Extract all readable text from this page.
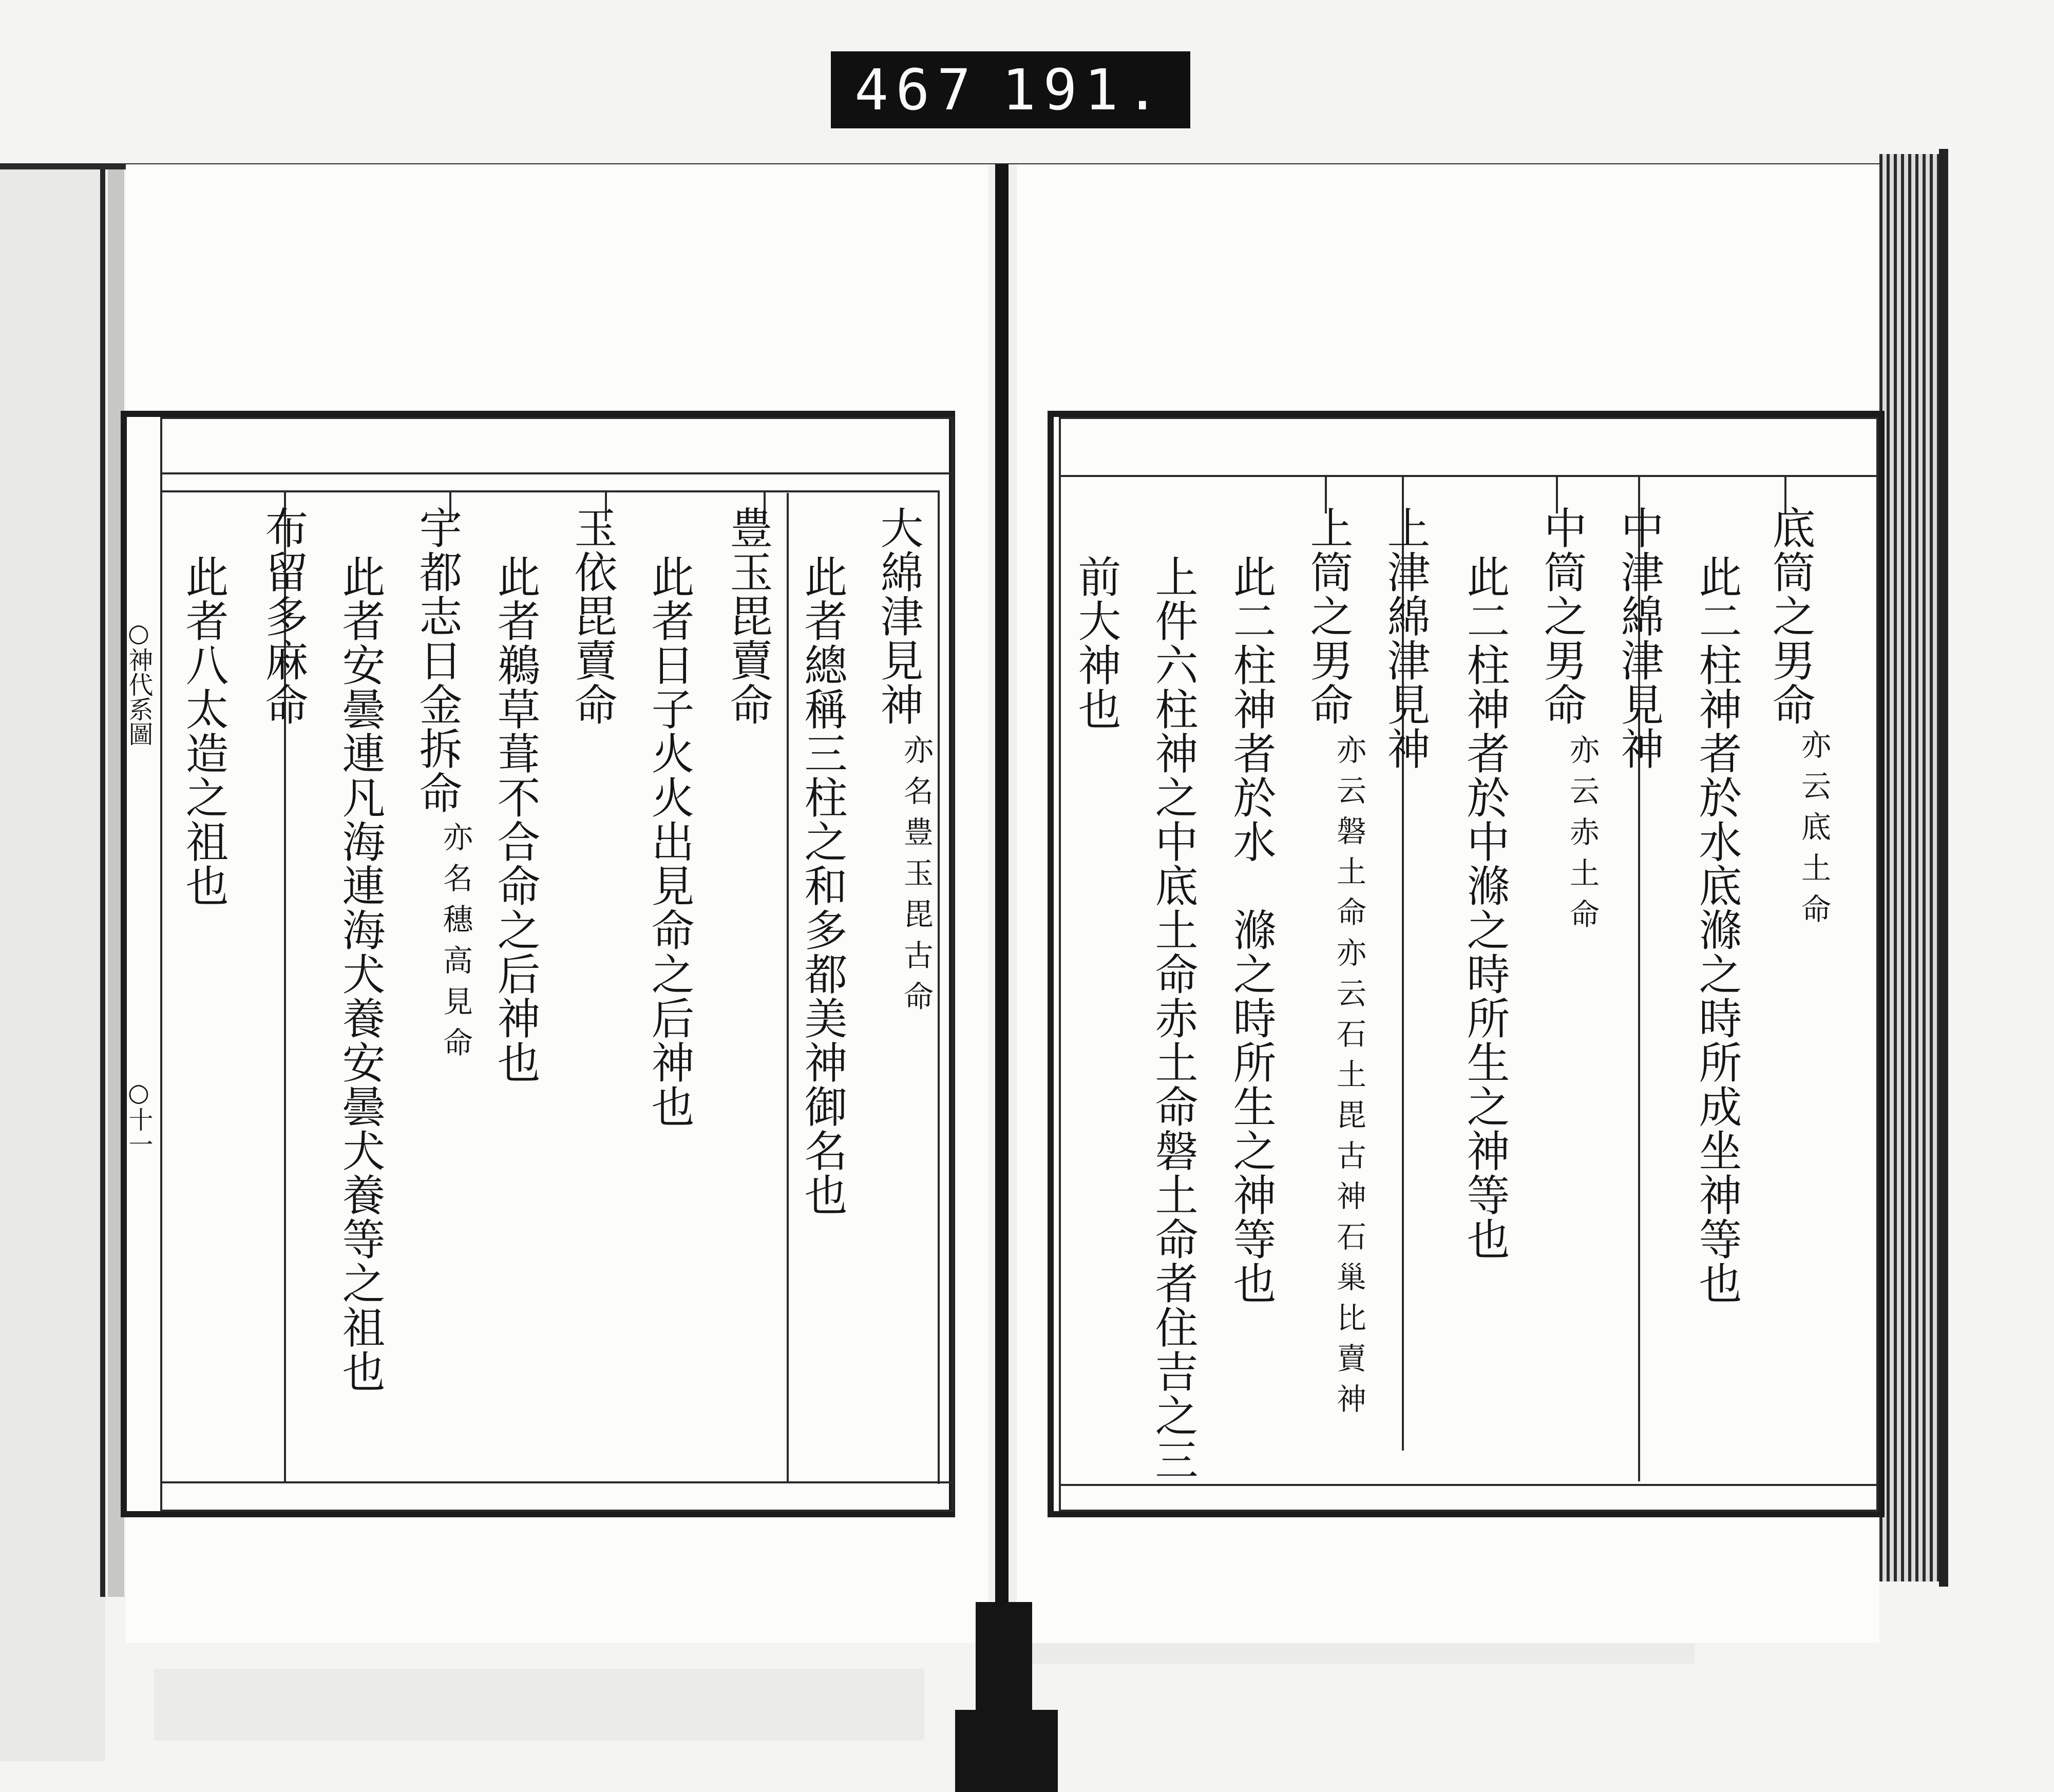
467 191.
○神代系圖
○十一
大綿津見神
亦名豊玉毘古命
此者總稱三柱之和多都美神御名也
豊玉毘賣命
此者日子火火出見命之后神也
玉依毘賣命
此者鵜草葺不合命之后神也
宇都志日金拆命
亦名穗高見命
此者安曇連凡海連海犬養安曇犬養等之祖也
布留多麻命
此者八太造之祖也	底筒之男命
亦云底土命
此二柱神者於水底滌之時所成坐神等也
中津綿津見神
中筒之男命
亦云赤土命
此二柱神者於中滌之時所生之神等也
上津綿津見神
上筒之男命
亦云磐土命亦云石土毘古神石巢比賣神
此二柱神者於水　滌之時所生之神等也
上件六柱神之中底土命赤土命磐土命者住吉之三
前大神也
